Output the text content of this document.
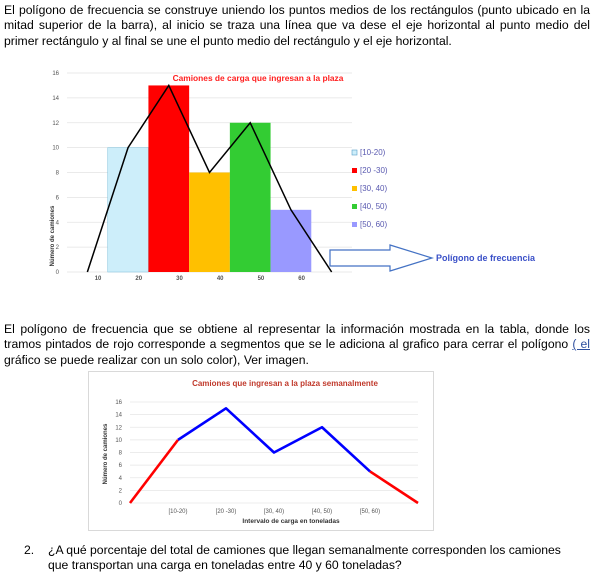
El polígono de frecuencia se construye uniendo los puntos medios de los rectángulos (punto ubicado en la mitad superior de la barra), al inicio se traza una línea que va dese el eje horizontal al punto medio del primer rectángulo y al final se une el punto medio del rectángulo y el eje horizontal.
0
2
4
6
8
10
12
14
16
10	20	30	40	50	60
Camiones de carga que ingresan a la plaza
Número de camiones
[10-20)
[20 -30)
[30, 40)
[40, 50)
[50, 60)
Polígono de frecuencia
El polígono de frecuencia que se obtiene al representar la información mostrada en la tabla, donde los tramos pintados de rojo corresponde a segmentos que se le adiciona al grafico para cerrar el polígono ( el gráfico se puede realizar con un solo color), Ver imagen.
Camiones que ingresan a la plaza semanalmente
0
2
4
6
8
10
12
14
16
[10-20)	[20 -30)	[30, 40)	[40, 50)	[50, 60)
Número de camiones
Intervalo de carga en toneladas
2. ¿A qué porcentaje del total de camiones que llegan semanalmente corresponden los camiones que transportan una carga en toneladas entre 40 y 60 toneladas?
